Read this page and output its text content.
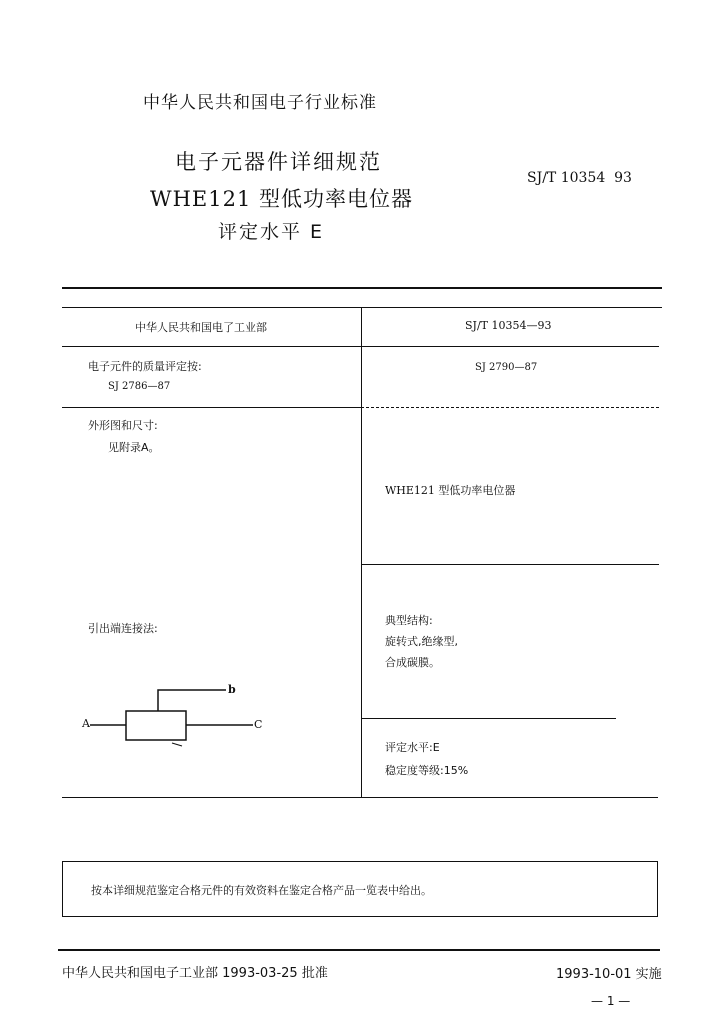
中华人民共和国电子行业标准
电子元器件详细规范
WHE121 型低功率电位器
评定水平 E
SJ/T 10354  93
中华人民共和国电了工业部	SJ/T 10354—93
电子元件的质量评定按:
SJ 2786—87
SJ 2790—87
外形图和尺寸:
见附录A。
WHE121 型低功率电位器
引出端连接法:
A
b
C
典型结构:
旋转式,绝缘型,
合成碳膜。
评定水平:E
稳定度等级:15%
按本详细规范鉴定合格元件的有效资料在鉴定合格产品一览表中给出。
中华人民共和国电子工业部 1993-03-25 批准	1993-10-01 实施
— 1 —
